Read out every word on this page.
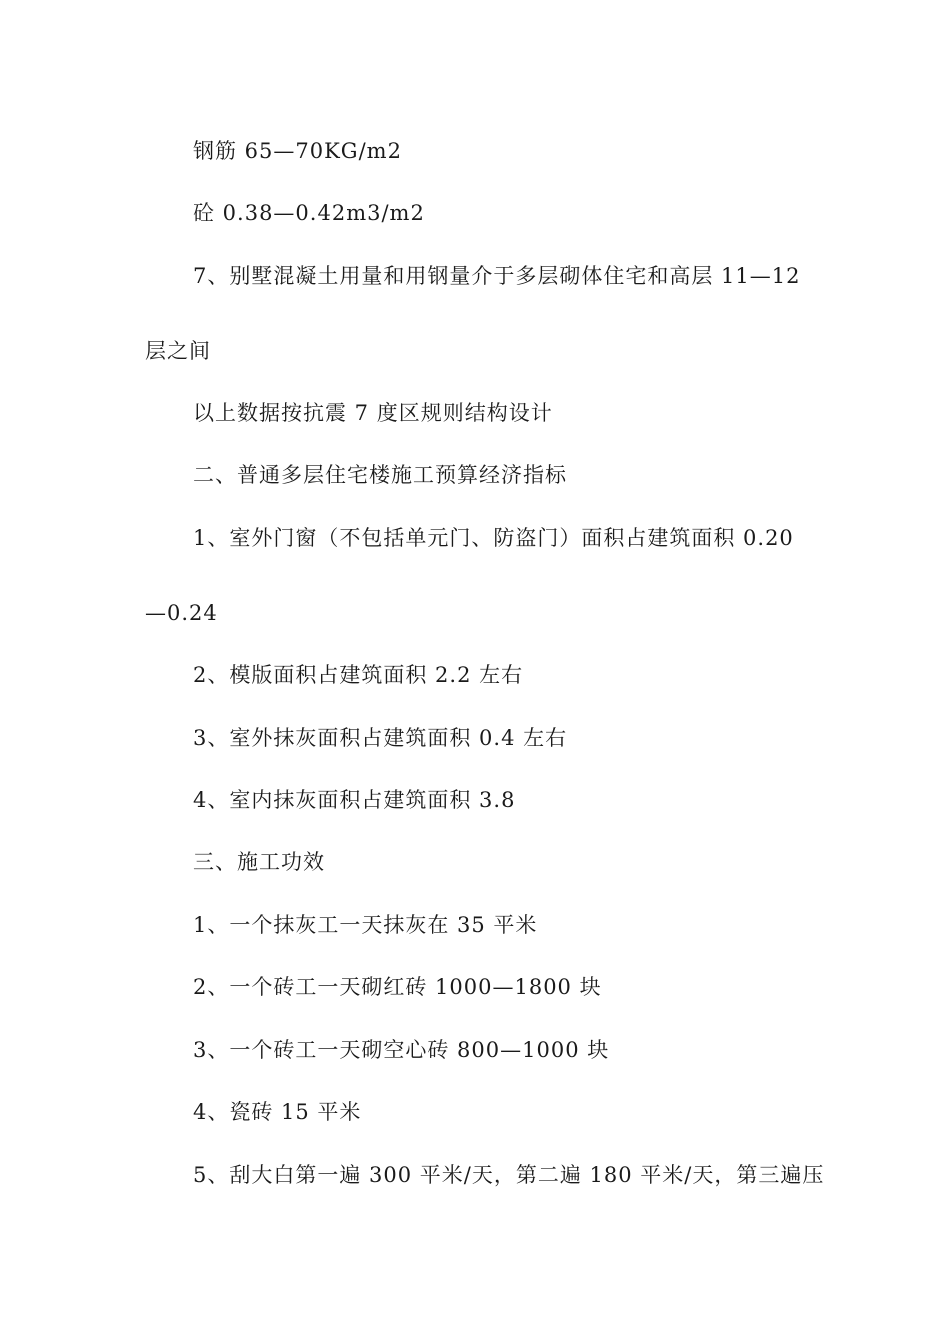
钢筋 65—70KG/m2
砼 0.38—0.42m3/m2
7、别墅混凝土用量和用钢量介于多层砌体住宅和高层 11—12
层之间
以上数据按抗震 7 度区规则结构设计
二、普通多层住宅楼施工预算经济指标
1、室外门窗（不包括单元门、防盗门）面积占建筑面积 0.20
—0.24
2、模版面积占建筑面积 2.2 左右
3、室外抹灰面积占建筑面积 0.4 左右
4、室内抹灰面积占建筑面积 3.8
三、施工功效
1、一个抹灰工一天抹灰在 35 平米
2、一个砖工一天砌红砖 1000—1800 块
3、一个砖工一天砌空心砖 800—1000 块
4、瓷砖 15 平米
5、刮大白第一遍 300 平米/天，第二遍 180 平米/天，第三遍压
